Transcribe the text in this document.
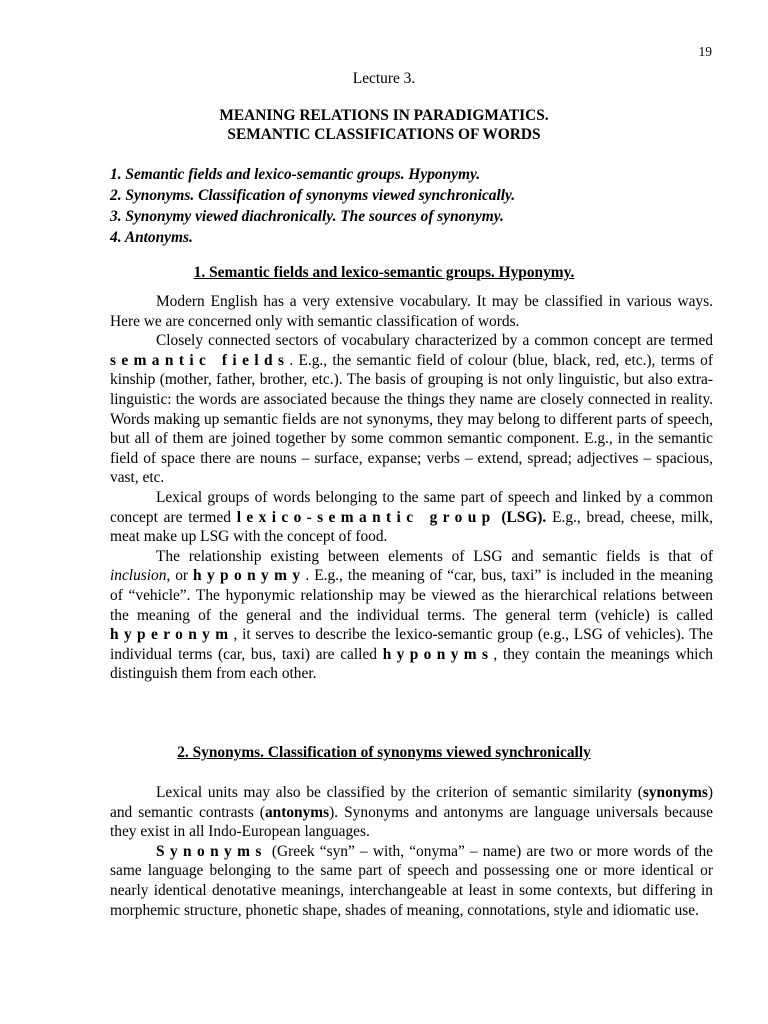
19
Lecture 3.
MEANING RELATIONS IN PARADIGMATICS.
SEMANTIC CLASSIFICATIONS OF WORDS
1. Semantic fields and lexico-semantic groups. Hyponymy.
2. Synonyms. Classification of synonyms viewed synchronically.
3. Synonymy viewed diachronically. The sources of synonymy.
4. Antonyms.
1. Semantic fields and lexico-semantic groups. Hyponymy.

Modern English has a very extensive vocabulary. It may be classified in various ways. Here we are concerned only with semantic classification of words.

Closely connected sectors of vocabulary characterized by a common concept are termed semantic fields. E.g., the semantic field of colour (blue, black, red, etc.), terms of kinship (mother, father, brother, etc.). The basis of grouping is not only linguistic, but also extra-linguistic: the words are associated because the things they name are closely connected in reality. Words making up semantic fields are not synonyms, they may belong to different parts of speech, but all of them are joined together by some common semantic component. E.g., in the semantic field of space there are nouns – surface, expanse; verbs – extend, spread; adjectives – spacious, vast, etc.

Lexical groups of words belonging to the same part of speech and linked by a common concept are termed lexico-semantic group (LSG). E.g., bread, cheese, milk, meat make up LSG with the concept of food.

The relationship existing between elements of LSG and semantic fields is that of inclusion, or hyponymy. E.g., the meaning of “car, bus, taxi” is included in the meaning of “vehicle”. The hyponymic relationship may be viewed as the hierarchical relations between the meaning of the general and the individual terms. The general term (vehicle) is called hyperonym, it serves to describe the lexico-semantic group (e.g., LSG of vehicles). The individual terms (car, bus, taxi) are called hyponyms, they contain the meanings which distinguish them from each other.

2. Synonyms. Classification of synonyms viewed synchronically

Lexical units may also be classified by the criterion of semantic similarity (synonyms) and semantic contrasts (antonyms). Synonyms and antonyms are language universals because they exist in all Indo-European languages.

Synonyms (Greek “syn” – with, “onyma” – name) are two or more words of the same language belonging to the same part of speech and possessing one or more identical or nearly identical denotative meanings, interchangeable at least in some contexts, but differing in morphemic structure, phonetic shape, shades of meaning, connotations, style and idiomatic use.
